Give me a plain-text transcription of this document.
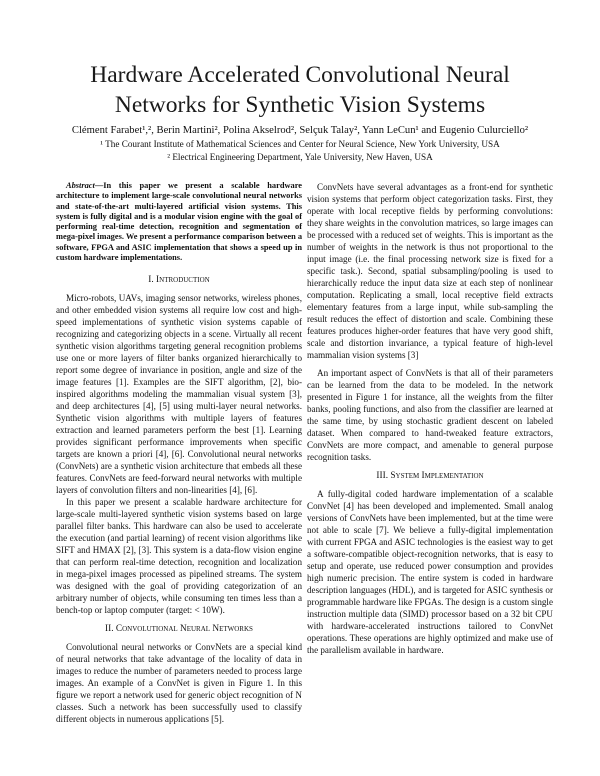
Hardware Accelerated Convolutional Neural
Networks for Synthetic Vision Systems
Clément Farabet¹,², Berin Martini², Polina Akselrod², Selçuk Talay², Yann LeCun¹ and Eugenio Culurciello²
¹ The Courant Institute of Mathematical Sciences and Center for Neural Science, New York University, USA
² Electrical Engineering Department, Yale University, New Haven, USA
Abstract—In this paper we present a scalable hardware architecture to implement large-scale convolutional neural networks and state-of-the-art multi-layered artificial vision systems. This system is fully digital and is a modular vision engine with the goal of performing real-time detection, recognition and segmentation of mega-pixel images. We present a performance comparison between a software, FPGA and ASIC implementation that shows a speed up in custom hardware implementations.
I. Introduction

Micro-robots, UAVs, imaging sensor networks, wireless phones, and other embedded vision systems all require low cost and high-speed implementations of synthetic vision systems capable of recognizing and categorizing objects in a scene. Virtually all recent synthetic vision algorithms targeting general recognition problems use one or more layers of filter banks organized hierarchically to report some degree of invariance in position, angle and size of the image features [1]. Examples are the SIFT algorithm, [2], bio-inspired algorithms modeling the mammalian visual system [3], and deep architectures [4], [5] using multi-layer neural networks. Synthetic vision algorithms with multiple layers of features extraction and learned parameters perform the best [1]. Learning provides significant performance improvements when specific targets are known a priori [4], [6]. Convolutional neural networks (ConvNets) are a synthetic vision architecture that embeds all these features. ConvNets are feed-forward neural networks with multiple layers of convolution filters and non-linearities [4], [6].

In this paper we present a scalable hardware architecture for large-scale multi-layered synthetic vision systems based on large parallel filter banks. This hardware can also be used to accelerate the execution (and partial learning) of recent vision algorithms like SIFT and HMAX [2], [3]. This system is a data-flow vision engine that can perform real-time detection, recognition and localization in mega-pixel images processed as pipelined streams. The system was designed with the goal of providing categorization of an arbitrary number of objects, while consuming ten times less than a bench-top or laptop computer (target: < 10W).

II. Convolutional Neural Networks

Convolutional neural networks or ConvNets are a special kind of neural networks that take advantage of the locality of data in images to reduce the number of parameters needed to process large images. An example of a ConvNet is given in Figure 1. In this figure we report a network used for generic object recognition of N classes. Such a network has been successfully used to classify different objects in numerous applications [5].

ConvNets have several advantages as a front-end for synthetic vision systems that perform object categorization tasks. First, they operate with local receptive fields by performing convolutions: they share weights in the convolution matrices, so large images can be processed with a reduced set of weights. This is important as the number of weights in the network is thus not proportional to the input image (i.e. the final processing network size is fixed for a specific task.). Second, spatial subsampling/pooling is used to hierarchically reduce the input data size at each step of nonlinear computation. Replicating a small, local receptive field extracts elementary features from a large input, while sub-sampling the result reduces the effect of distortion and scale. Combining these features produces higher-order features that have very good shift, scale and distortion invariance, a typical feature of high-level mammalian vision systems [3]

An important aspect of ConvNets is that all of their parameters can be learned from the data to be modeled. In the network presented in Figure 1 for instance, all the weights from the filter banks, pooling functions, and also from the classifier are learned at the same time, by using stochastic gradient descent on labeled dataset. When compared to hand-tweaked feature extractors, ConvNets are more compact, and amenable to general purpose recognition tasks.

III. System Implementation

A fully-digital coded hardware implementation of a scalable ConvNet [4] has been developed and implemented. Small analog versions of ConvNets have been implemented, but at the time were not able to scale [7]. We believe a fully-digital implementation with current FPGA and ASIC technologies is the easiest way to get a software-compatible object-recognition networks, that is easy to setup and operate, use reduced power consumption and provides high numeric precision. The entire system is coded in hardware description languages (HDL), and is targeted for ASIC synthesis or programmable hardware like FPGAs. The design is a custom single instruction multiple data (SIMD) processor based on a 32 bit CPU with hardware-accelerated instructions tailored to ConvNet operations. These operations are highly optimized and make use of the parallelism available in hardware.
